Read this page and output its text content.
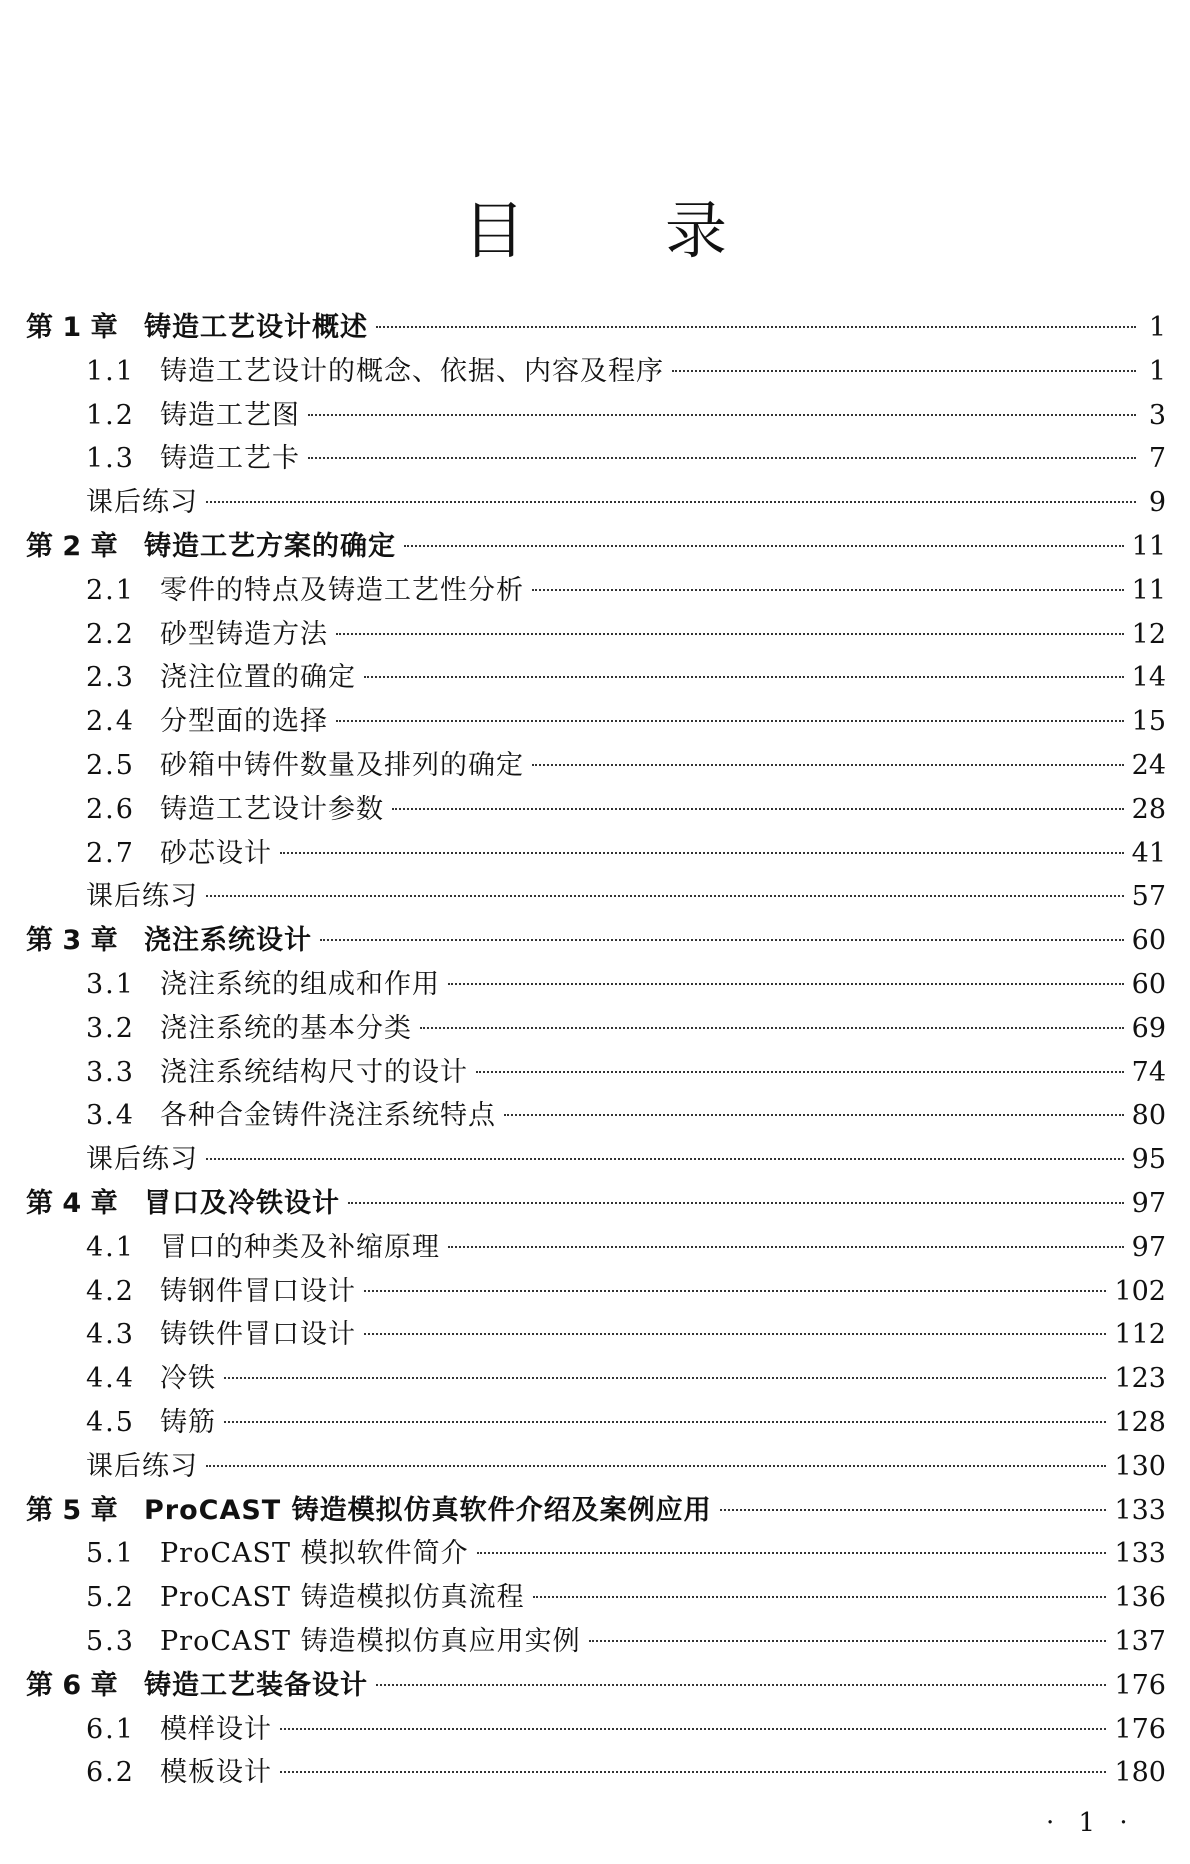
目录
第 1 章 铸造工艺设计概述	1
1.1 铸造工艺设计的概念、依据、内容及程序	1
1.2 铸造工艺图	3
1.3 铸造工艺卡	7
课后练习	9
第 2 章 铸造工艺方案的确定	11
2.1 零件的特点及铸造工艺性分析	11
2.2 砂型铸造方法	12
2.3 浇注位置的确定	14
2.4 分型面的选择	15
2.5 砂箱中铸件数量及排列的确定	24
2.6 铸造工艺设计参数	28
2.7 砂芯设计	41
课后练习	57
第 3 章 浇注系统设计	60
3.1 浇注系统的组成和作用	60
3.2 浇注系统的基本分类	69
3.3 浇注系统结构尺寸的设计	74
3.4 各种合金铸件浇注系统特点	80
课后练习	95
第 4 章 冒口及冷铁设计	97
4.1 冒口的种类及补缩原理	97
4.2 铸钢件冒口设计	102
4.3 铸铁件冒口设计	112
4.4 冷铁	123
4.5 铸筋	128
课后练习	130
第 5 章 ProCAST 铸造模拟仿真软件介绍及案例应用	133
5.1 ProCAST 模拟软件简介	133
5.2 ProCAST 铸造模拟仿真流程	136
5.3 ProCAST 铸造模拟仿真应用实例	137
第 6 章 铸造工艺装备设计	176
6.1 模样设计	176
6.2 模板设计	180
· 1 ·
